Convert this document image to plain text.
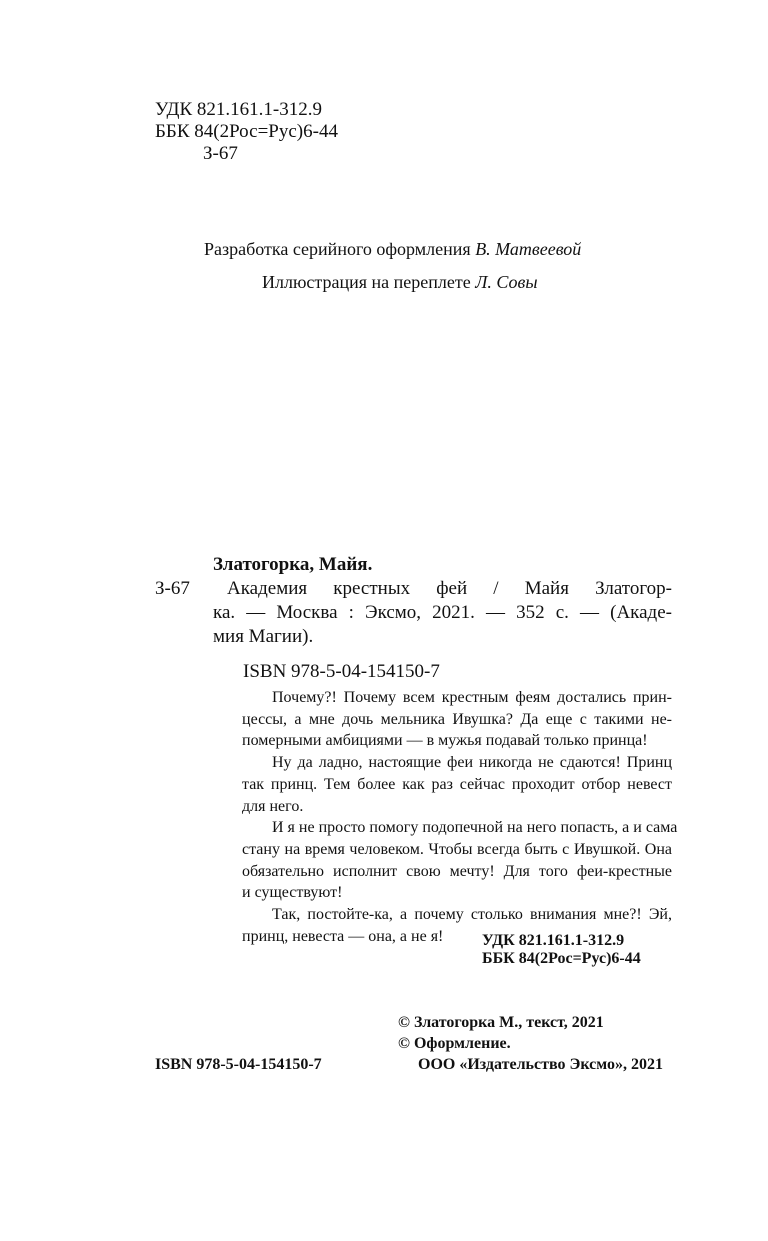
УДК 821.161.1-312.9
ББК 84(2Рос=Рус)6-44
З-67
Разработка серийного оформления В. Матвеевой
Иллюстрация на переплете Л. Совы
Златогорка, Майя.
З-67 Академия крестных фей / Майя Златогор-
ка. — Москва : Эксмо, 2021. — 352 с. — (Акаде-
мия Магии).
ISBN 978-5-04-154150-7
Почему?! Почему всем крестным феям достались прин-
цессы, а мне дочь мельника Ивушка? Да еще с такими не-
померными амбициями — в мужья подавай только принца!
Ну да ладно, настоящие феи никогда не сдаются! Принц
так принц. Тем более как раз сейчас проходит отбор невест
для него.
И я не просто помогу подопечной на него попасть, а и сама
стану на время человеком. Чтобы всегда быть с Ивушкой. Она
обязательно исполнит свою мечту! Для того феи-крестные
и существуют!
Так, постойте-ка, а почему столько внимания мне?! Эй,
принц, невеста — она, а не я!	УДК 821.161.1-312.9
ББК 84(2Рос=Рус)6-44
© Златогорка М., текст, 2021
© Оформление.
ISBN 978-5-04-154150-7	ООО «Издательство Эксмо», 2021
